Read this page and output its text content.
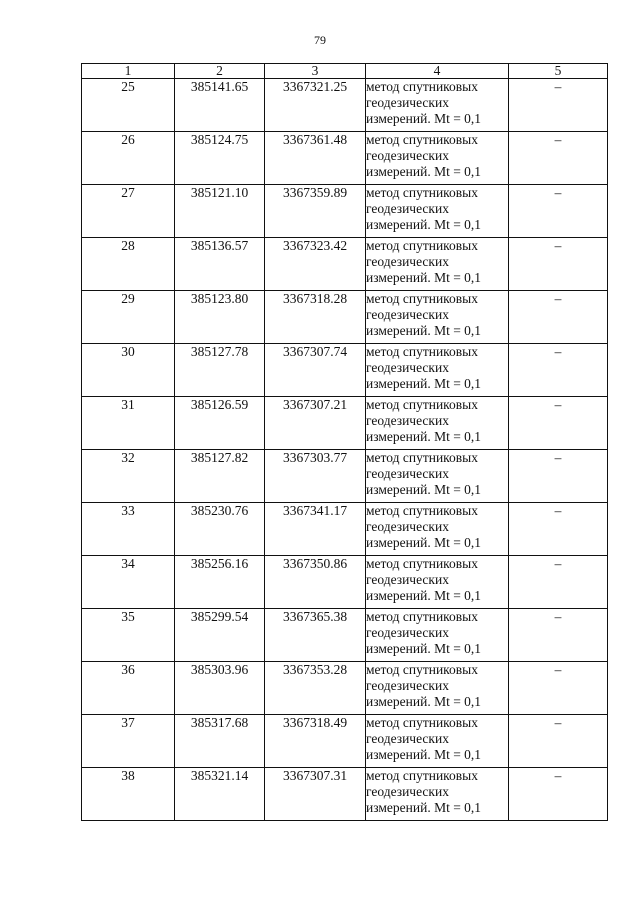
79
1	2	3	4	5
25	385141.65	3367321.25	метод спутниковых
геодезических
измерений. Mt = 0,1	–
26	385124.75	3367361.48	метод спутниковых
геодезических
измерений. Mt = 0,1	–
27	385121.10	3367359.89	метод спутниковых
геодезических
измерений. Mt = 0,1	–
28	385136.57	3367323.42	метод спутниковых
геодезических
измерений. Mt = 0,1	–
29	385123.80	3367318.28	метод спутниковых
геодезических
измерений. Mt = 0,1	–
30	385127.78	3367307.74	метод спутниковых
геодезических
измерений. Mt = 0,1	–
31	385126.59	3367307.21	метод спутниковых
геодезических
измерений. Mt = 0,1	–
32	385127.82	3367303.77	метод спутниковых
геодезических
измерений. Mt = 0,1	–
33	385230.76	3367341.17	метод спутниковых
геодезических
измерений. Mt = 0,1	–
34	385256.16	3367350.86	метод спутниковых
геодезических
измерений. Mt = 0,1	–
35	385299.54	3367365.38	метод спутниковых
геодезических
измерений. Mt = 0,1	–
36	385303.96	3367353.28	метод спутниковых
геодезических
измерений. Mt = 0,1	–
37	385317.68	3367318.49	метод спутниковых
геодезических
измерений. Mt = 0,1	–
38	385321.14	3367307.31	метод спутниковых
геодезических
измерений. Mt = 0,1	–
